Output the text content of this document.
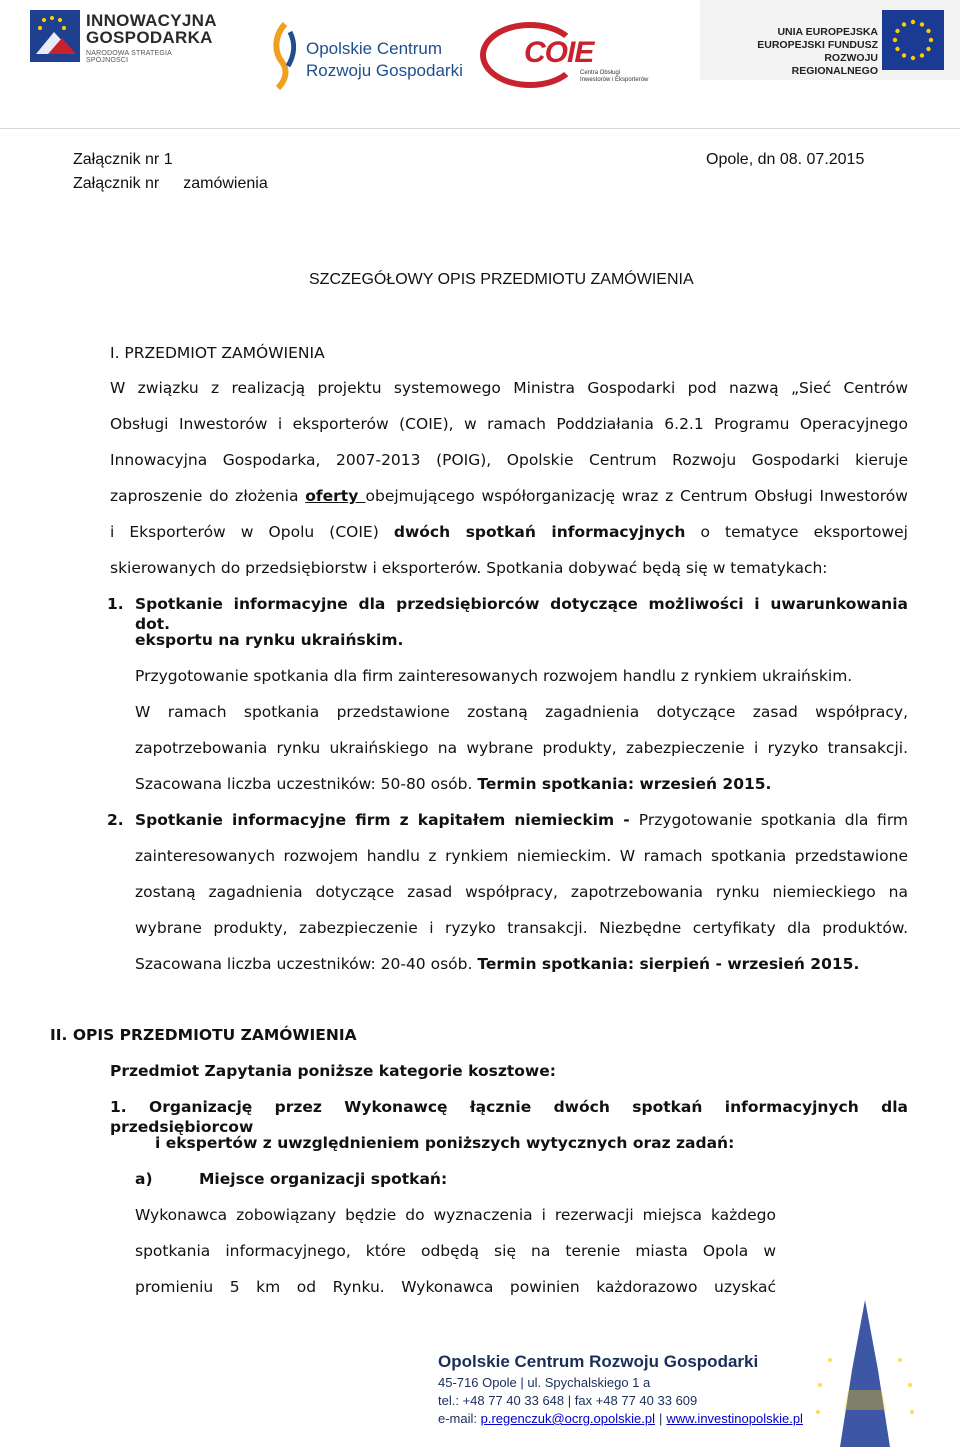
INNOWACYJNA
GOSPODARKA
NARODOWA STRATEGIA SPÓJNOŚCI
Opolskie Centrum
Rozwoju Gospodarki
COIE
Centra Obsługi
Inwestorów i Eksporterów
UNIA EUROPEJSKA
EUROPEJSKI FUNDUSZ
ROZWOJU REGIONALNEGO
Załącznik nr 1
Załącznik nr zamówienia
Opole, dn 08. 07.2015
SZCZEGÓŁOWY OPIS PRZEDMIOTU ZAMÓWIENIA
I. PRZEDMIOT ZAMÓWIENIA
W związku z realizacją projektu systemowego Ministra Gospodarki pod nazwą „Sieć Centrów
Obsługi Inwestorów i eksporterów (COIE), w ramach Poddziałania 6.2.1 Programu Operacyjnego
Innowacyjna Gospodarka, 2007-2013 (POIG), Opolskie Centrum Rozwoju Gospodarki kieruje
zaproszenie do złożenia oferty obejmującego współorganizację wraz z Centrum Obsługi Inwestorów
i Eksporterów w Opolu (COIE) dwóch spotkań informacyjnych o tematyce eksportowej
skierowanych do przedsiębiorstw i eksporterów. Spotkania dobywać będą się w tematykach:
1. Spotkanie informacyjne dla przedsiębiorców dotyczące możliwości i uwarunkowania dot.
eksportu na rynku ukraińskim.
Przygotowanie spotkania dla firm zainteresowanych rozwojem handlu z rynkiem ukraińskim.
W ramach spotkania przedstawione zostaną zagadnienia dotyczące zasad współpracy,
zapotrzebowania rynku ukraińskiego na wybrane produkty, zabezpieczenie i ryzyko transakcji.
Szacowana liczba uczestników: 50-80 osób. Termin spotkania: wrzesień 2015.
2. Spotkanie informacyjne firm z kapitałem niemieckim - Przygotowanie spotkania dla firm
zainteresowanych rozwojem handlu z rynkiem niemieckim. W ramach spotkania przedstawione
zostaną zagadnienia dotyczące zasad współpracy, zapotrzebowania rynku niemieckiego na
wybrane produkty, zabezpieczenie i ryzyko transakcji. Niezbędne certyfikaty dla produktów.
Szacowana liczba uczestników: 20-40 osób. Termin spotkania: sierpień - wrzesień 2015.
II. OPIS PRZEDMIOTU ZAMÓWIENIA
Przedmiot Zapytania poniższe kategorie kosztowe:
1. Organizację przez Wykonawcę łącznie dwóch spotkań informacyjnych dla przedsiębiorcow
i ekspertów z uwzględnieniem poniższych wytycznych oraz zadań:
a)	Miejsce organizacji spotkań:
Wykonawca zobowiązany będzie do wyznaczenia i rezerwacji miejsca każdego
spotkania informacyjnego, które odbędą się na terenie miasta Opola w
promieniu 5 km od Rynku. Wykonawca powinien każdorazowo uzyskać
Opolskie Centrum Rozwoju Gospodarki
45-716 Opole | ul. Spychalskiego 1 a
tel.: +48 77 40 33 648 | fax +48 77 40 33 609
e-mail: p.regenczuk@ocrg.opolskie.pl | www.investinopolskie.pl
